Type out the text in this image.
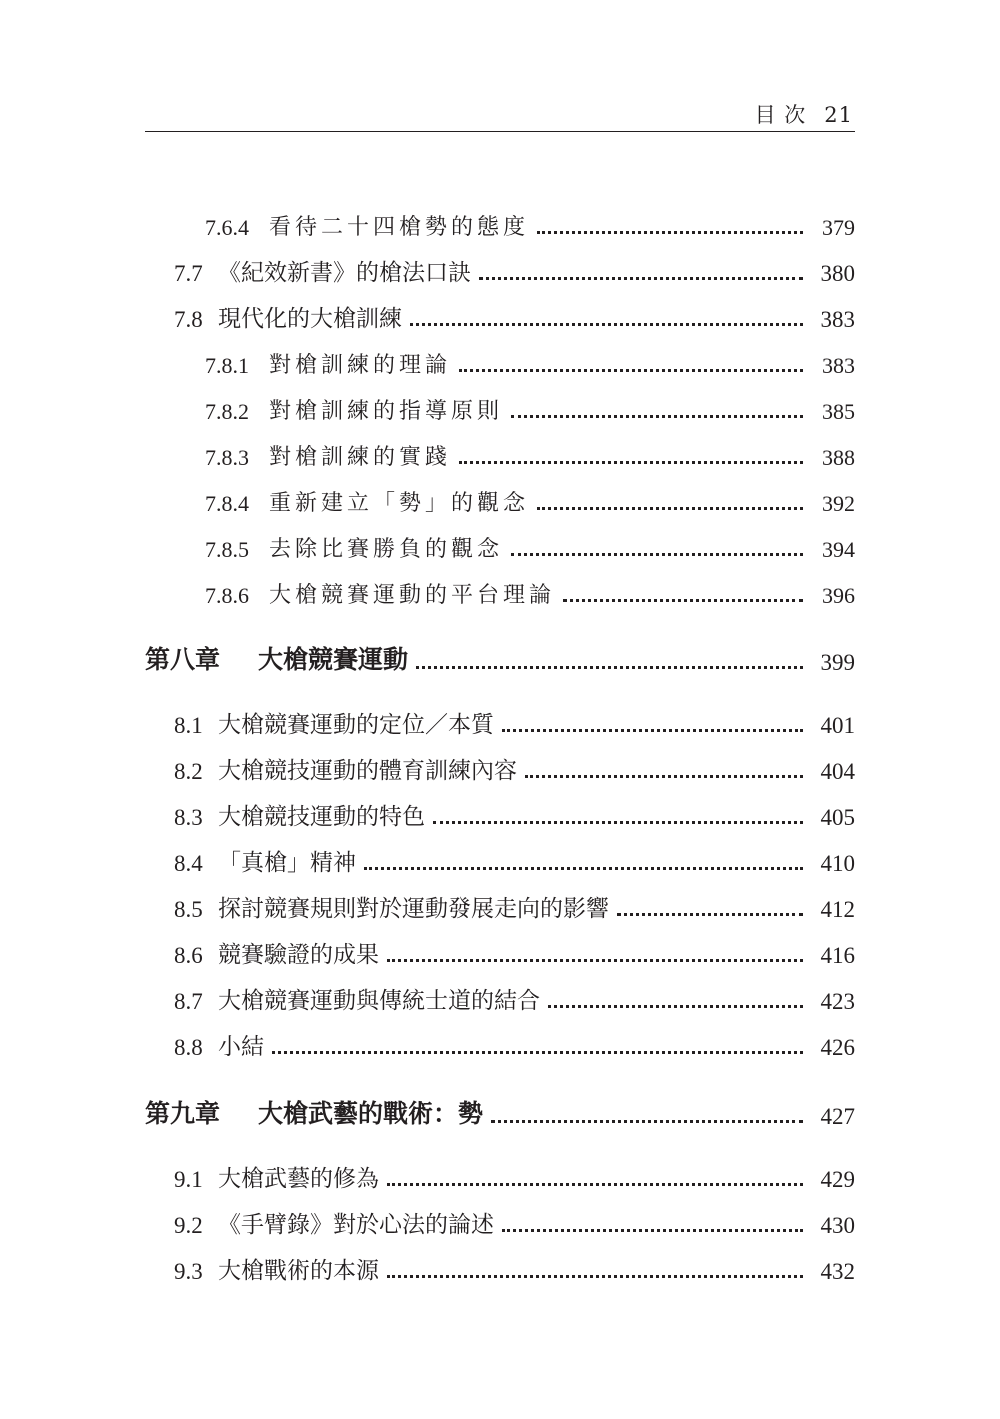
目 次 21
7.6.4 看待二十四槍勢的態度	379
7.7 《紀效新書》的槍法口訣	380
7.8 現代化的大槍訓練	383
7.8.1 對槍訓練的理論	383
7.8.2 對槍訓練的指導原則	385
7.8.3 對槍訓練的實踐	388
7.8.4 重新建立「勢」的觀念	392
7.8.5 去除比賽勝負的觀念	394
7.8.6 大槍競賽運動的平台理論	396
第八章	大槍競賽運動	399
8.1 大槍競賽運動的定位／本質	401
8.2 大槍競技運動的體育訓練內容	404
8.3 大槍競技運動的特色	405
8.4 「真槍」精神	410
8.5 探討競賽規則對於運動發展走向的影響	412
8.6 競賽驗證的成果	416
8.7 大槍競賽運動與傳統士道的結合	423
8.8 小結	426
第九章	大槍武藝的戰術：勢	427
9.1 大槍武藝的修為	429
9.2 《手臂錄》對於心法的論述	430
9.3 大槍戰術的本源	432
